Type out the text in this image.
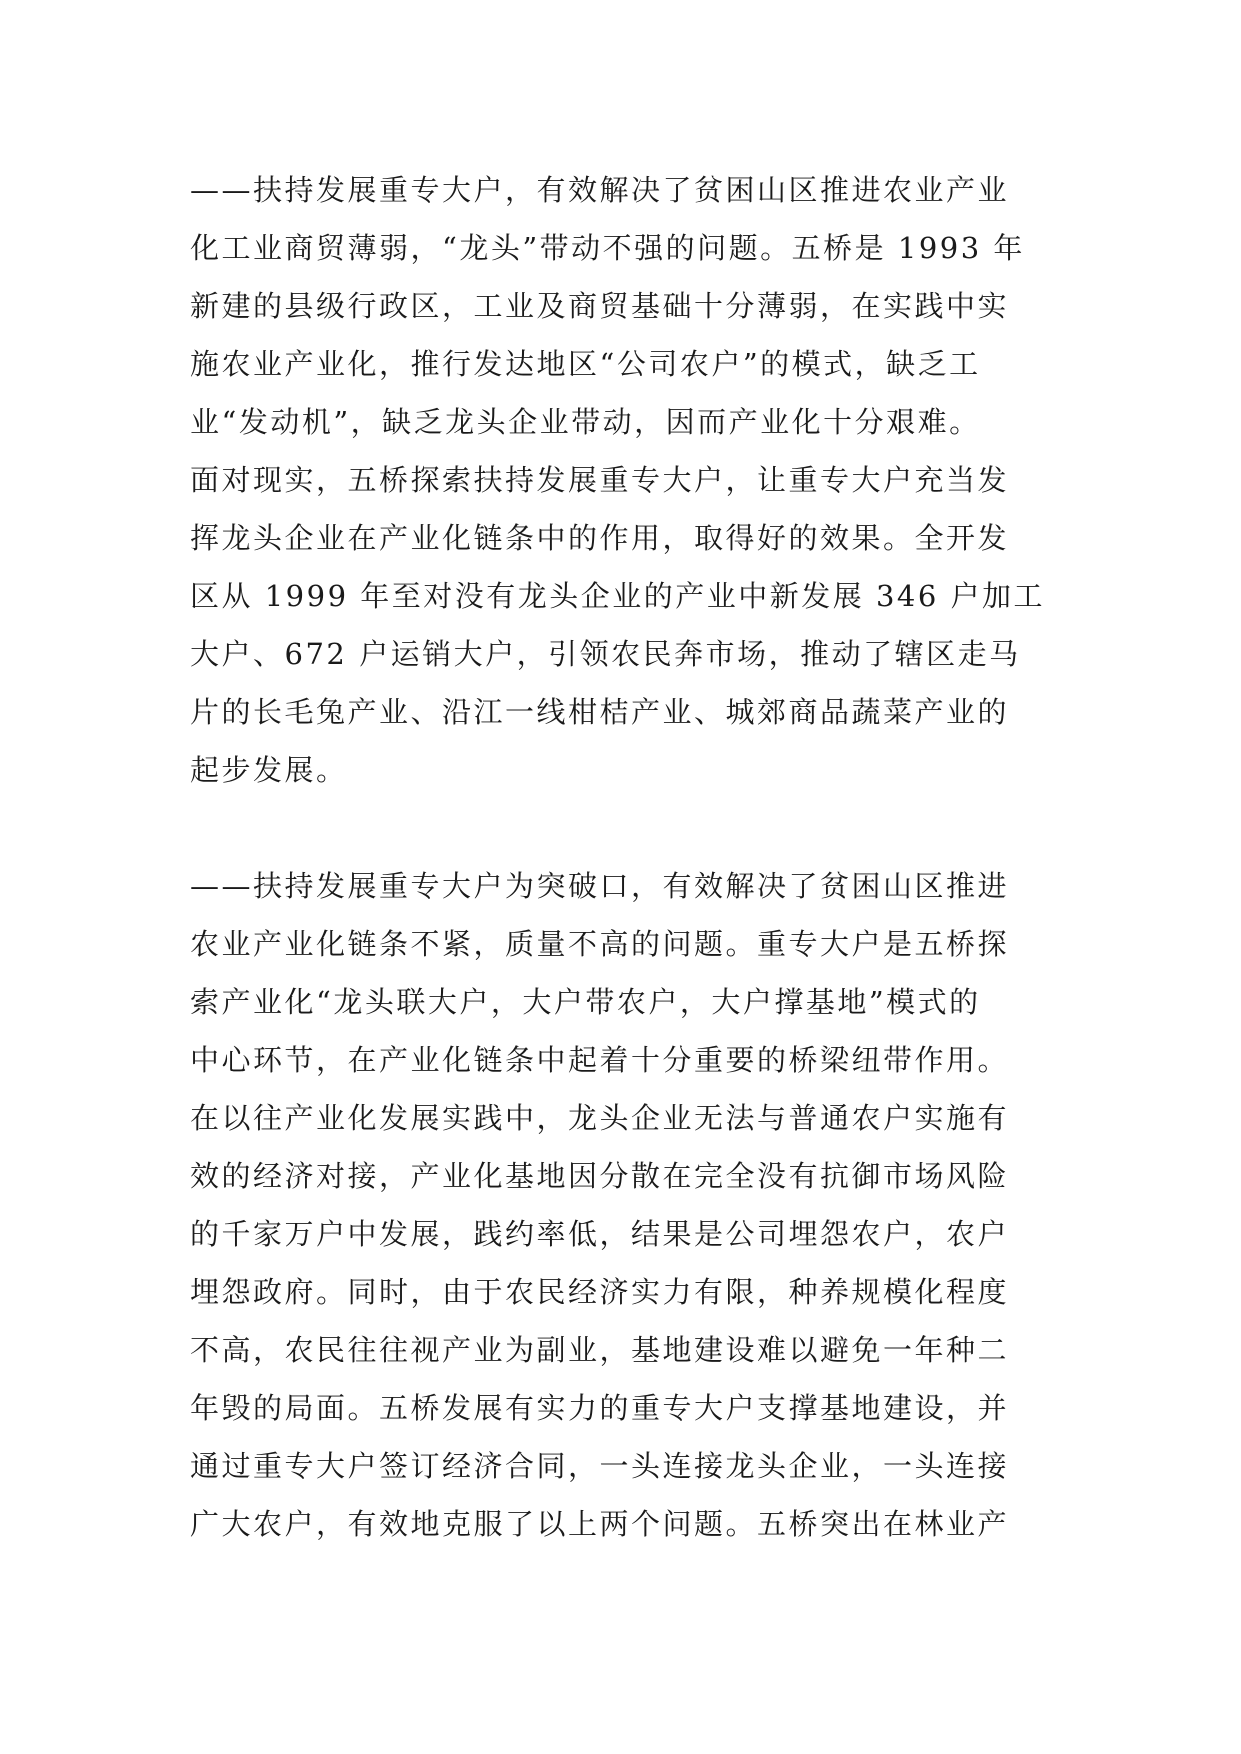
——扶持发展重专大户，有效解决了贫困山区推进农业产业
化工业商贸薄弱，“龙头”带动不强的问题。五桥是 1993 年
新建的县级行政区，工业及商贸基础十分薄弱，在实践中实
施农业产业化，推行发达地区“公司农户”的模式，缺乏工
业“发动机”，缺乏龙头企业带动，因而产业化十分艰难。
面对现实，五桥探索扶持发展重专大户，让重专大户充当发
挥龙头企业在产业化链条中的作用，取得好的效果。全开发
区从 1999 年至对没有龙头企业的产业中新发展 346 户加工
大户、672 户运销大户，引领农民奔市场，推动了辖区走马
片的长毛兔产业、沿江一线柑桔产业、城郊商品蔬菜产业的
起步发展。

——扶持发展重专大户为突破口，有效解决了贫困山区推进
农业产业化链条不紧，质量不高的问题。重专大户是五桥探
索产业化“龙头联大户，大户带农户，大户撑基地”模式的
中心环节，在产业化链条中起着十分重要的桥梁纽带作用。
在以往产业化发展实践中，龙头企业无法与普通农户实施有
效的经济对接，产业化基地因分散在完全没有抗御市场风险
的千家万户中发展，践约率低，结果是公司埋怨农户，农户
埋怨政府。同时，由于农民经济实力有限，种养规模化程度
不高，农民往往视产业为副业，基地建设难以避免一年种二
年毁的局面。五桥发展有实力的重专大户支撑基地建设，并
通过重专大户签订经济合同，一头连接龙头企业，一头连接
广大农户，有效地克服了以上两个问题。五桥突出在林业产
